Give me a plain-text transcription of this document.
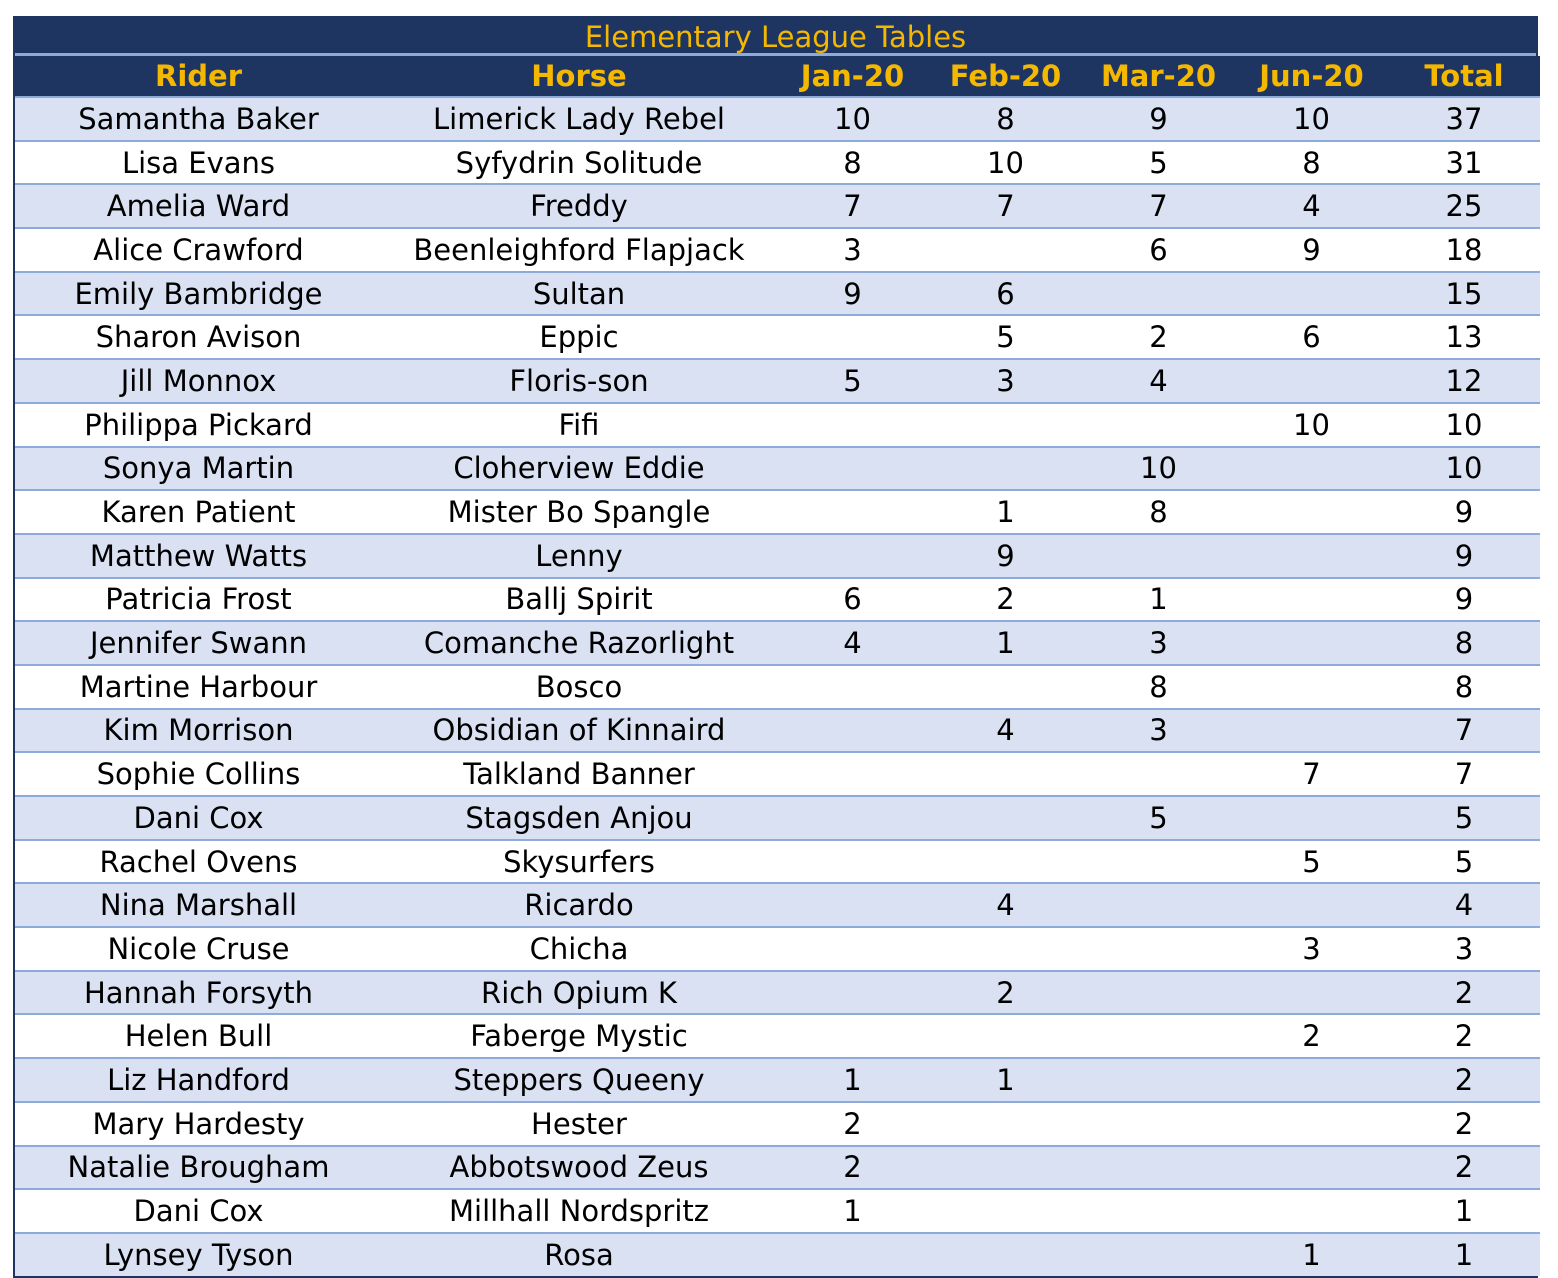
Elementary League Tables
Rider	Horse	Jan-20	Feb-20	Mar-20	Jun-20	Total
Samantha Baker	Limerick Lady Rebel	10	8	9	10	37
Lisa Evans	Syfydrin Solitude	8	10	5	8	31
Amelia Ward	Freddy	7	7	7	4	25
Alice Crawford	Beenleighford Flapjack	3		6	9	18
Emily Bambridge	Sultan	9	6			15
Sharon Avison	Eppic		5	2	6	13
Jill Monnox	Floris-son	5	3	4		12
Philippa Pickard	Fifi				10	10
Sonya Martin	Cloherview Eddie			10		10
Karen Patient	Mister Bo Spangle		1	8		9
Matthew Watts	Lenny		9			9
Patricia Frost	Ballj Spirit	6	2	1		9
Jennifer Swann	Comanche Razorlight	4	1	3		8
Martine Harbour	Bosco			8		8
Kim Morrison	Obsidian of Kinnaird		4	3		7
Sophie Collins	Talkland Banner				7	7
Dani Cox	Stagsden Anjou			5		5
Rachel Ovens	Skysurfers				5	5
Nina Marshall	Ricardo		4			4
Nicole Cruse	Chicha				3	3
Hannah Forsyth	Rich Opium K		2			2
Helen Bull	Faberge Mystic				2	2
Liz Handford	Steppers Queeny	1	1			2
Mary Hardesty	Hester	2				2
Natalie Brougham	Abbotswood Zeus	2				2
Dani Cox	Millhall Nordspritz	1				1
Lynsey Tyson	Rosa				1	1
